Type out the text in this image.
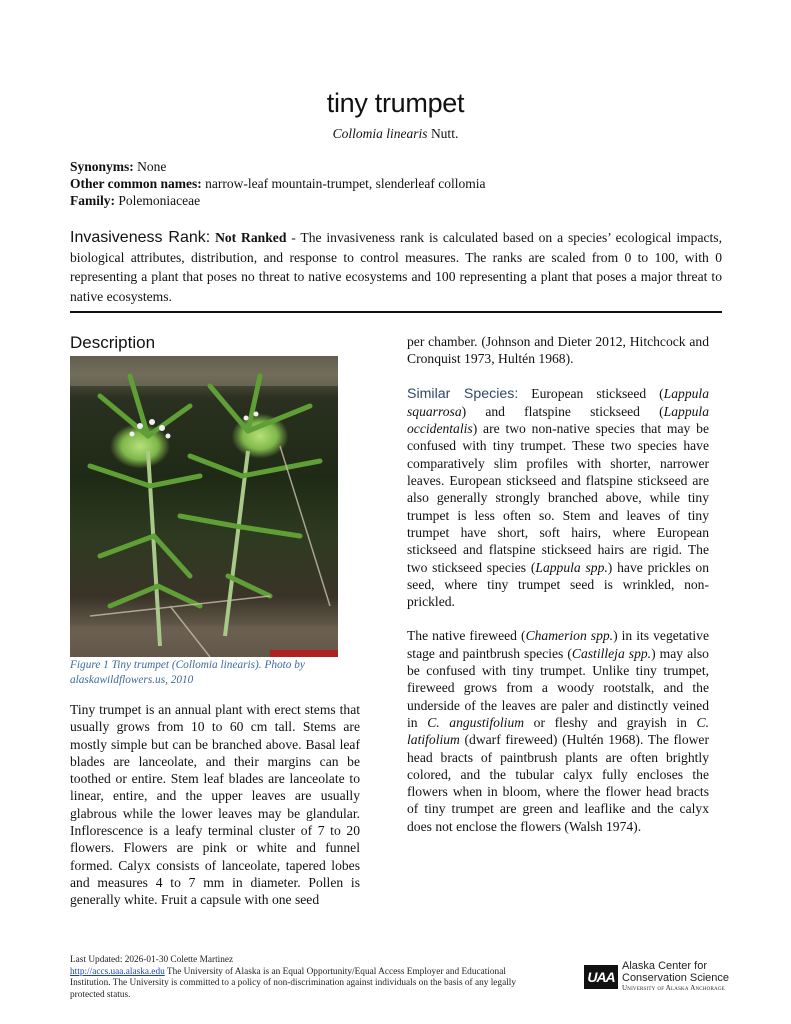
tiny trumpet
Collomia linearis Nutt.
Synonyms: None
Other common names: narrow-leaf mountain-trumpet, slenderleaf collomia
Family: Polemoniaceae
Invasiveness Rank: Not Ranked - The invasiveness rank is calculated based on a species’ ecological impacts, biological attributes, distribution, and response to control measures. The ranks are scaled from 0 to 100, with 0 representing a plant that poses no threat to native ecosystems and 100 representing a plant that poses a major threat to native ecosystems.
Description
Figure 1 Tiny trumpet (Collomia linearis). Photo by alaskawildflowers.us, 2010

Tiny trumpet is an annual plant with erect stems that usually grows from 10 to 60 cm tall. Stems are mostly simple but can be branched above. Basal leaf blades are lanceolate, and their margins can be toothed or entire. Stem leaf blades are lanceolate to linear, entire, and the upper leaves are usually glabrous while the lower leaves may be glandular. Inflorescence is a leafy terminal cluster of 7 to 20 flowers. Flowers are pink or white and funnel formed. Calyx consists of lanceolate, tapered lobes and measures 4 to 7 mm in diameter. Pollen is generally white. Fruit a capsule with one seed

per chamber. (Johnson and Dieter 2012, Hitchcock and Cronquist 1973, Hultén 1968).

Similar Species: European stickseed (Lappula squarrosa) and flatspine stickseed (Lappula occidentalis) are two non-native species that may be confused with tiny trumpet. These two species have comparatively slim profiles with shorter, narrower leaves. European stickseed and flatspine stickseed are also generally strongly branched above, while tiny trumpet is less often so. Stem and leaves of tiny trumpet have short, soft hairs, where European stickseed and flatspine stickseed hairs are rigid. The two stickseed species (Lappula spp.) have prickles on seed, where tiny trumpet seed is wrinkled, non-prickled.

The native fireweed (Chamerion spp.) in its vegetative stage and paintbrush species (Castilleja spp.) may also be confused with tiny trumpet. Unlike tiny trumpet, fireweed grows from a woody rootstalk, and the underside of the leaves are paler and distinctly veined in C. angustifolium or fleshy and grayish in C. latifolium (dwarf fireweed) (Hultén 1968). The flower head bracts of paintbrush plants are often brightly colored, and the tubular calyx fully encloses the flowers when in bloom, where the flower head bracts of tiny trumpet are green and leaflike and the calyx does not enclose the flowers (Walsh 1974).

Last Updated: 2026-01-30 Colette Martinez
http://accs.uaa.alaska.edu The University of Alaska is an Equal Opportunity/Equal Access Employer and Educational Institution. The University is committed to a policy of non-discrimination against individuals on the basis of any legally protected status.
UAA
Alaska Center for
Conservation Science
University of Alaska Anchorage
